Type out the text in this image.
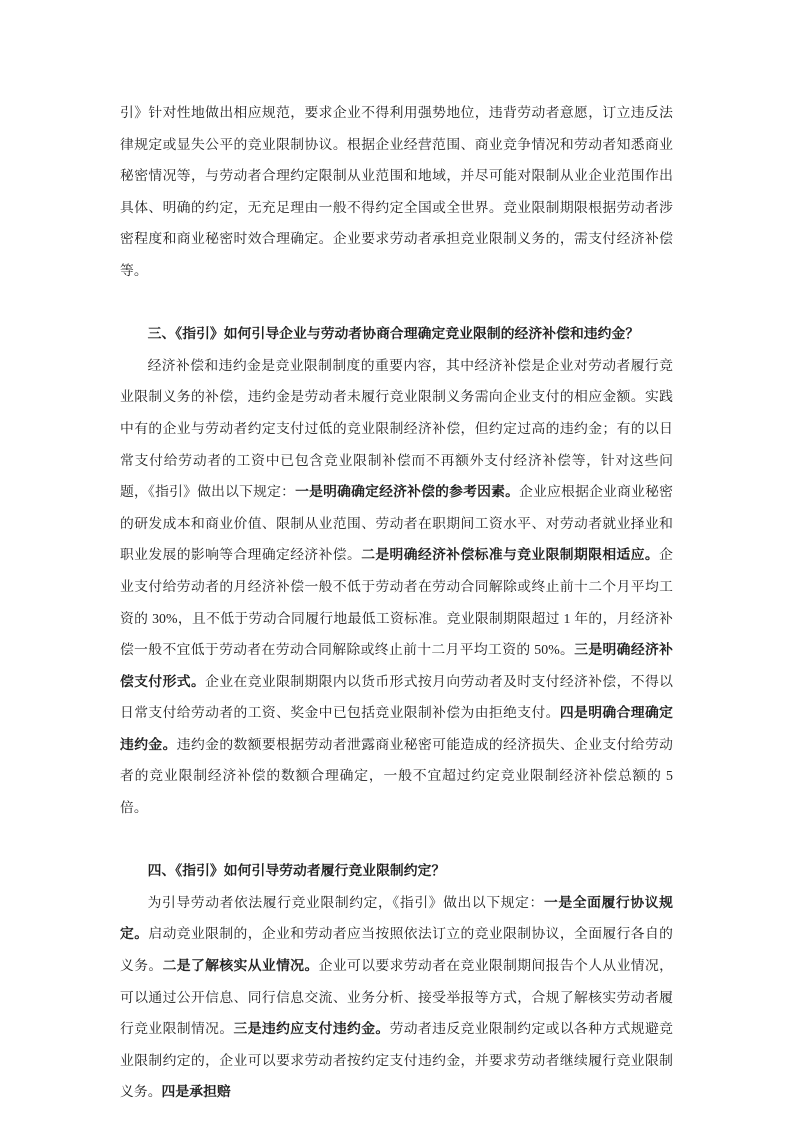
引》针对性地做出相应规范，要求企业不得利用强势地位，违背劳动者意愿，订立违反法律规定或显失公平的竞业限制协议。根据企业经营范围、商业竞争情况和劳动者知悉商业秘密情况等，与劳动者合理约定限制从业范围和地域，并尽可能对限制从业企业范围作出具体、明确的约定，无充足理由一般不得约定全国或全世界。竞业限制期限根据劳动者涉密程度和商业秘密时效合理确定。企业要求劳动者承担竞业限制义务的，需支付经济补偿等。

三、《指引》如何引导企业与劳动者协商合理确定竞业限制的经济补偿和违约金？

经济补偿和违约金是竞业限制制度的重要内容，其中经济补偿是企业对劳动者履行竞业限制义务的补偿，违约金是劳动者未履行竞业限制义务需向企业支付的相应金额。实践中有的企业与劳动者约定支付过低的竞业限制经济补偿，但约定过高的违约金；有的以日常支付给劳动者的工资中已包含竞业限制补偿而不再额外支付经济补偿等，针对这些问题，《指引》做出以下规定：一是明确确定经济补偿的参考因素。企业应根据企业商业秘密的研发成本和商业价值、限制从业范围、劳动者在职期间工资水平、对劳动者就业择业和职业发展的影响等合理确定经济补偿。二是明确经济补偿标准与竞业限制期限相适应。企业支付给劳动者的月经济补偿一般不低于劳动者在劳动合同解除或终止前十二个月平均工资的 30%，且不低于劳动合同履行地最低工资标准。竞业限制期限超过 1 年的，月经济补偿一般不宜低于劳动者在劳动合同解除或终止前十二月平均工资的 50%。三是明确经济补偿支付形式。企业在竞业限制期限内以货币形式按月向劳动者及时支付经济补偿，不得以日常支付给劳动者的工资、奖金中已包括竞业限制补偿为由拒绝支付。四是明确合理确定违约金。违约金的数额要根据劳动者泄露商业秘密可能造成的经济损失、企业支付给劳动者的竞业限制经济补偿的数额合理确定，一般不宜超过约定竞业限制经济补偿总额的 5 倍。

四、《指引》如何引导劳动者履行竞业限制约定？

为引导劳动者依法履行竞业限制约定，《指引》做出以下规定：一是全面履行协议规定。启动竞业限制的，企业和劳动者应当按照依法订立的竞业限制协议，全面履行各自的义务。二是了解核实从业情况。企业可以要求劳动者在竞业限制期间报告个人从业情况，可以通过公开信息、同行信息交流、业务分析、接受举报等方式，合规了解核实劳动者履行竞业限制情况。三是违约应支付违约金。劳动者违反竞业限制约定或以各种方式规避竞业限制约定的，企业可以要求劳动者按约定支付违约金，并要求劳动者继续履行竞业限制义务。四是承担赔
